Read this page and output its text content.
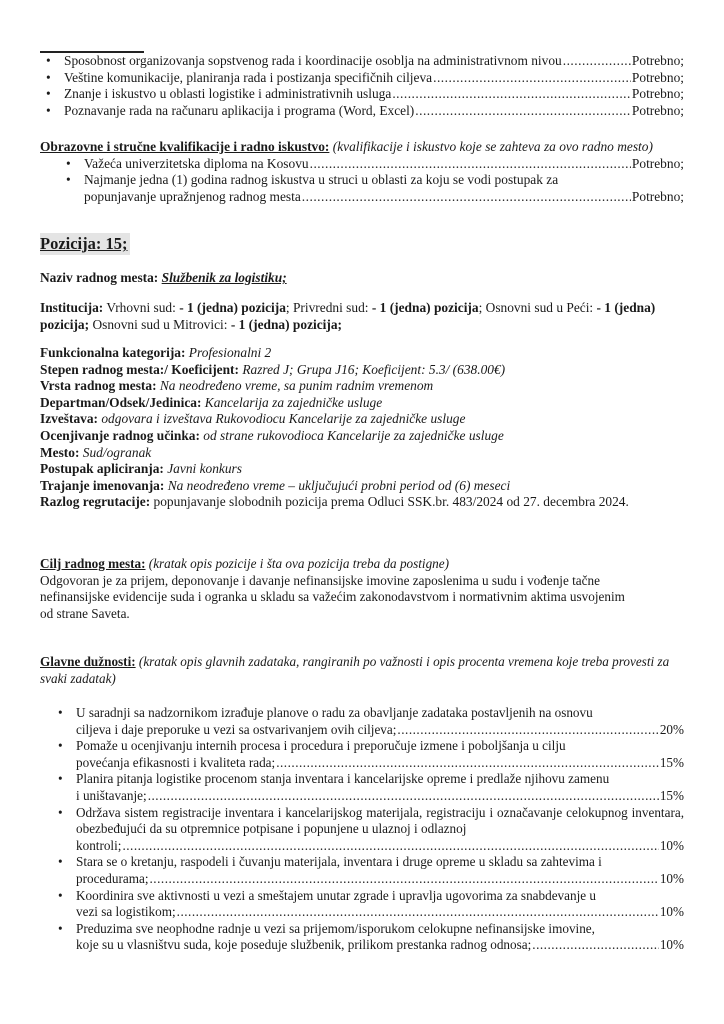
• Sposobnost organizovanja sopstvenog rada i koordinacije osoblja na administrativnom nivou .....	Potrebno;
• Veštine komunikacije, planiranja rada i postizanja specifičnih ciljeva .....	Potrebno;
• Znanje i iskustvo u oblasti logistike i administrativnih usluga .....	Potrebno;
• Poznavanje rada na računaru aplikacija i programa (Word, Excel) .....	Potrebno;

Obrazovne i stručne kvalifikacije i radno iskustvo: (kvalifikacije i iskustvo koje se zahteva za ovo radno mesto)

• Važeća univerzitetska diploma na Kosovu .....	Potrebno;
• Najmanje jedna (1) godina radnog iskustva u struci u oblasti za koju se vodi postupak za
popunjavanje upražnjenog radnog mesta .....	Potrebno;
Pozicija: 15;
Naziv radnog mesta: Službenik za logistiku;
Institucija: Vrhovni sud: - 1 (jedna) pozicija; Privredni sud: - 1 (jedna) pozicija; Osnovni sud u Peći: - 1 (jedna) pozicija; Osnovni sud u Mitrovici: - 1 (jedna) pozicija;

Funkcionalna kategorija: Profesionalni 2

Stepen radnog mesta:/ Koeficijent: Razred J; Grupa J16; Koeficijent: 5.3/ (638.00€)

Vrsta radnog mesta: Na neodređeno vreme, sa punim radnim vremenom

Departman/Odsek/Jedinica: Kancelarija za zajedničke usluge

Izveštava: odgovara i izveštava Rukovodiocu Kancelarije za zajedničke usluge

Ocenjivanje radnog učinka: od strane rukovodioca Kancelarije za zajedničke usluge

Mesto: Sud/ogranak

Postupak apliciranja: Javni konkurs

Trajanje imenovanja: Na neodređeno vreme – uključujući probni period od (6) meseci

Razlog regrutacije: popunjavanje slobodnih pozicija prema Odluci SSK.br. 483/2024 od 27. decembra 2024.

Cilj radnog mesta: (kratak opis pozicije i šta ova pozicija treba da postigne)

Odgovoran je za prijem, deponovanje i davanje nefinansijske imovine zaposlenima u sudu i vođenje tačne nefinansijske evidencije suda i ogranka u skladu sa važećim zakonodavstvom i normativnim aktima usvojenim od strane Saveta.

Glavne dužnosti: (kratak opis glavnih zadataka, rangiranih po važnosti i opis procenta vremena koje treba provesti za svaki zadatak)

• U saradnji sa nadzornikom izrađuje planove o radu za obavljanje zadataka postavljenih na osnovu
ciljeva i daje preporuke u vezi sa ostvarivanjem ovih ciljeva; .....	20%
• Pomaže u ocenjivanju internih procesa i procedura i preporučuje izmene i poboljšanja u cilju
povećanja efikasnosti i kvaliteta rada; .....	15%
• Planira pitanja logistike procenom stanja inventara i kancelarijske opreme i predlaže njihovu zamenu
i uništavanje; .....	15%
• Održava sistem registracije inventara i kancelarijskog materijala, registraciju i označavanje celokupnog inventara, obezbeđujući da su otpremnice potpisane i popunjene u ulaznoj i odlaznoj
kontroli; .....	10%
• Stara se o kretanju, raspodeli i čuvanju materijala, inventara i druge opreme u skladu sa zahtevima i
procedurama; .....	10%
• Koordinira sve aktivnosti u vezi a smeštajem unutar zgrade i upravlja ugovorima za snabdevanje u
vezi sa logistikom; .....	10%
• Preduzima sve neophodne radnje u vezi sa prijemom/isporukom celokupne nefinansijske imovine,
koje su u vlasništvu suda, koje poseduje službenik, prilikom prestanka radnog odnosa; .....	10%
